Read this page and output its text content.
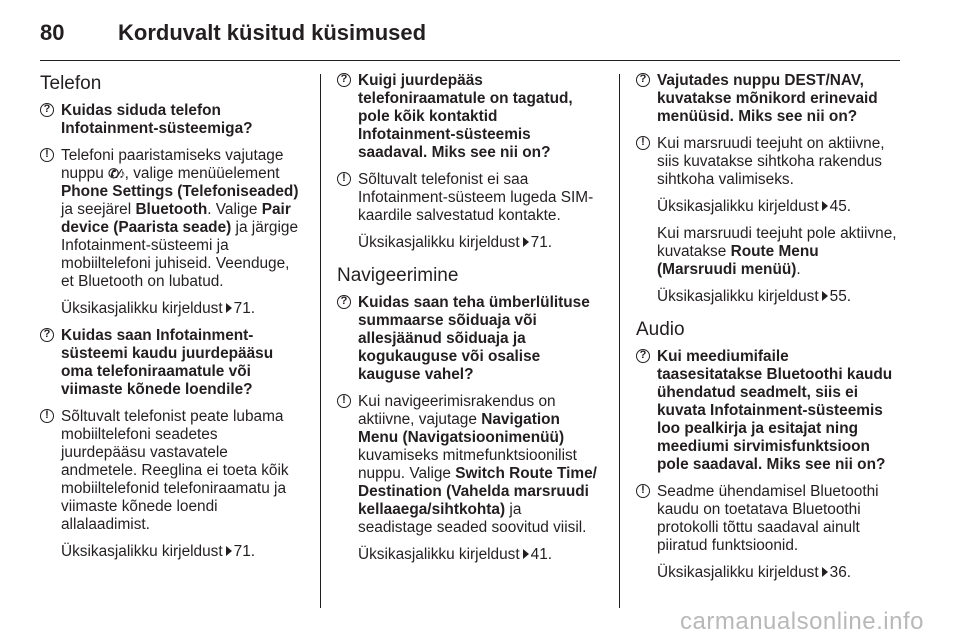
80	Korduvalt küsitud küsimused
Telefon
? Kuidas siduda telefon Infotainment-süsteemiga?
! Telefoni paaristamiseks vajutage nuppu ✆⁄♪, valige menüüelement Phone Settings (Telefoniseaded) ja seejärel Bluetooth. Valige Pair device (Paarista seade) ja järgige Infotainment-süsteemi ja mobiiltelefoni juhiseid. Veenduge, et Bluetooth on lubatud.
Üksikasjalikku kirjeldust 71.
? Kuidas saan Infotainment-süsteemi kaudu juurdepääsu oma telefoniraamatule või viimaste kõnede loendile?
! Sõltuvalt telefonist peate lubama mobiiltelefoni seadetes juurdepääsu vastavatele andmetele. Reeglina ei toeta kõik mobiiltelefonid telefoniraamatu ja viimaste kõnede loendi allalaadimist.
Üksikasjalikku kirjeldust 71.
? Kuigi juurdepääs telefoniraamatule on tagatud, pole kõik kontaktid Infotainment-süsteemis saadaval. Miks see nii on?
! Sõltuvalt telefonist ei saa Infotainment-süsteem lugeda SIM-kaardile salvestatud kontakte.
Üksikasjalikku kirjeldust 71.
Navigeerimine
? Kuidas saan teha ümberlülituse summaarse sõiduaja või allesjäänud sõiduaja ja kogukauguse või osalise kauguse vahel?
! Kui navigeerimisrakendus on aktiivne, vajutage Navigation Menu (Navigatsioonimenüü) kuvamiseks mitmefunktsioonilist nuppu. Valige Switch Route Time/ Destination (Vahelda marsruudi kellaaega/sihtkohta) ja seadistage seaded soovitud viisil.
Üksikasjalikku kirjeldust 41.
? Vajutades nuppu DEST/NAV, kuvatakse mõnikord erinevaid menüüsid. Miks see nii on?
! Kui marsruudi teejuht on aktiivne, siis kuvatakse sihtkoha rakendus sihtkoha valimiseks.
Üksikasjalikku kirjeldust 45.
Kui marsruudi teejuht pole aktiivne, kuvatakse Route Menu (Marsruudi menüü).
Üksikasjalikku kirjeldust 55.
Audio
? Kui meediumifaile taasesitatakse Bluetoothi kaudu ühendatud seadmelt, siis ei kuvata Infotainment-süsteemis loo pealkirja ja esitajat ning meediumi sirvimisfunktsioon pole saadaval. Miks see nii on?
! Seadme ühendamisel Bluetoothi kaudu on toetatava Bluetoothi protokolli tõttu saadaval ainult piiratud funktsioonid.
Üksikasjalikku kirjeldust 36.
carmanualsonline.info
